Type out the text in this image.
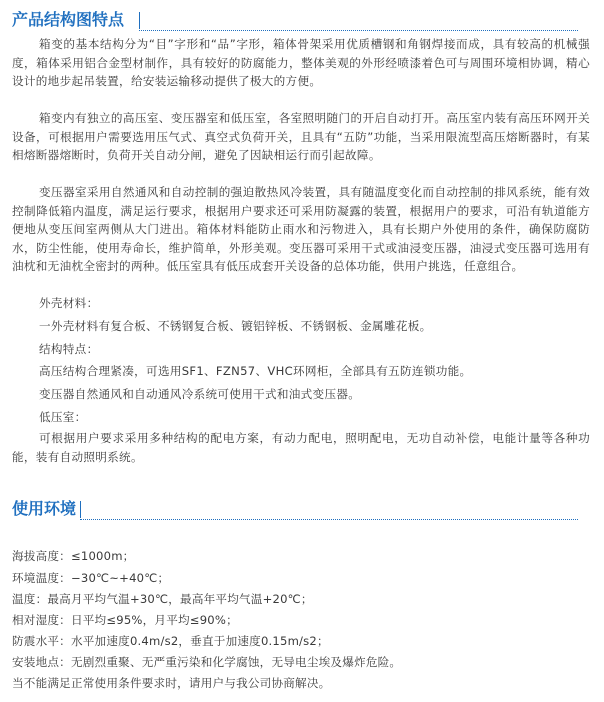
产品结构图特点

箱变的基本结构分为“目”字形和“品”字形，箱体骨架采用优质槽钢和角钢焊接而成，具有较高的机械强度，箱体采用铝合金型材制作，具有较好的防腐能力，整体美观的外形经喷漆着色可与周围环境相协调，精心设计的地步起吊装置，给安装运输移动提供了极大的方便。

箱变内有独立的高压室、变压器室和低压室，各室照明随门的开启自动打开。高压室内装有高压环网开关设备，可根据用户需要选用压气式、真空式负荷开关，且具有“五防”功能，当采用限流型高压熔断器时，有某相熔断器熔断时，负荷开关自动分闸，避免了因缺相运行而引起故障。

变压器室采用自然通风和自动控制的强迫散热风冷装置，具有随温度变化而自动控制的排风系统，能有效控制降低箱内温度，满足运行要求，根据用户要求还可采用防凝露的装置，根据用户的要求，可沿有轨道能方便地从变压间室两侧从大门进出。箱体材料能防止雨水和污物进入，具有长期户外使用的条件，确保防腐防水，防尘性能，使用寿命长，维护简单，外形美观。变压器可采用干式或油浸变压器，油浸式变压器可选用有油枕和无油枕全密封的两种。低压室具有低压成套开关设备的总体功能，供用户挑选，任意组合。

外壳材料：

一外壳材料有复合板、不锈钢复合板、镀铝锌板、不锈钢板、金属雕花板。

结构特点：

高压结构合理紧凑，可选用SF1、FZN57、VHC环网柜，全部具有五防连锁功能。

变压器自然通风和自动通风冷系统可使用干式和油式变压器。

低压室：

可根据用户要求采用多种结构的配电方案，有动力配电，照明配电，无功自动补偿，电能计量等各种功能，装有自动照明系统。

使用环境
海拔高度：≤1000m；
环境温度：−30℃~+40℃；
温度：最高月平均气温+30℃，最高年平均气温+20℃；
相对湿度：日平均≤95%，月平均≤90%；
防震水平：水平加速度0.4m/s2，垂直于加速度0.15m/s2；
安装地点：无剧烈重聚、无严重污染和化学腐蚀，无导电尘埃及爆炸危险。
当不能满足正常使用条件要求时，请用户与我公司协商解决。
